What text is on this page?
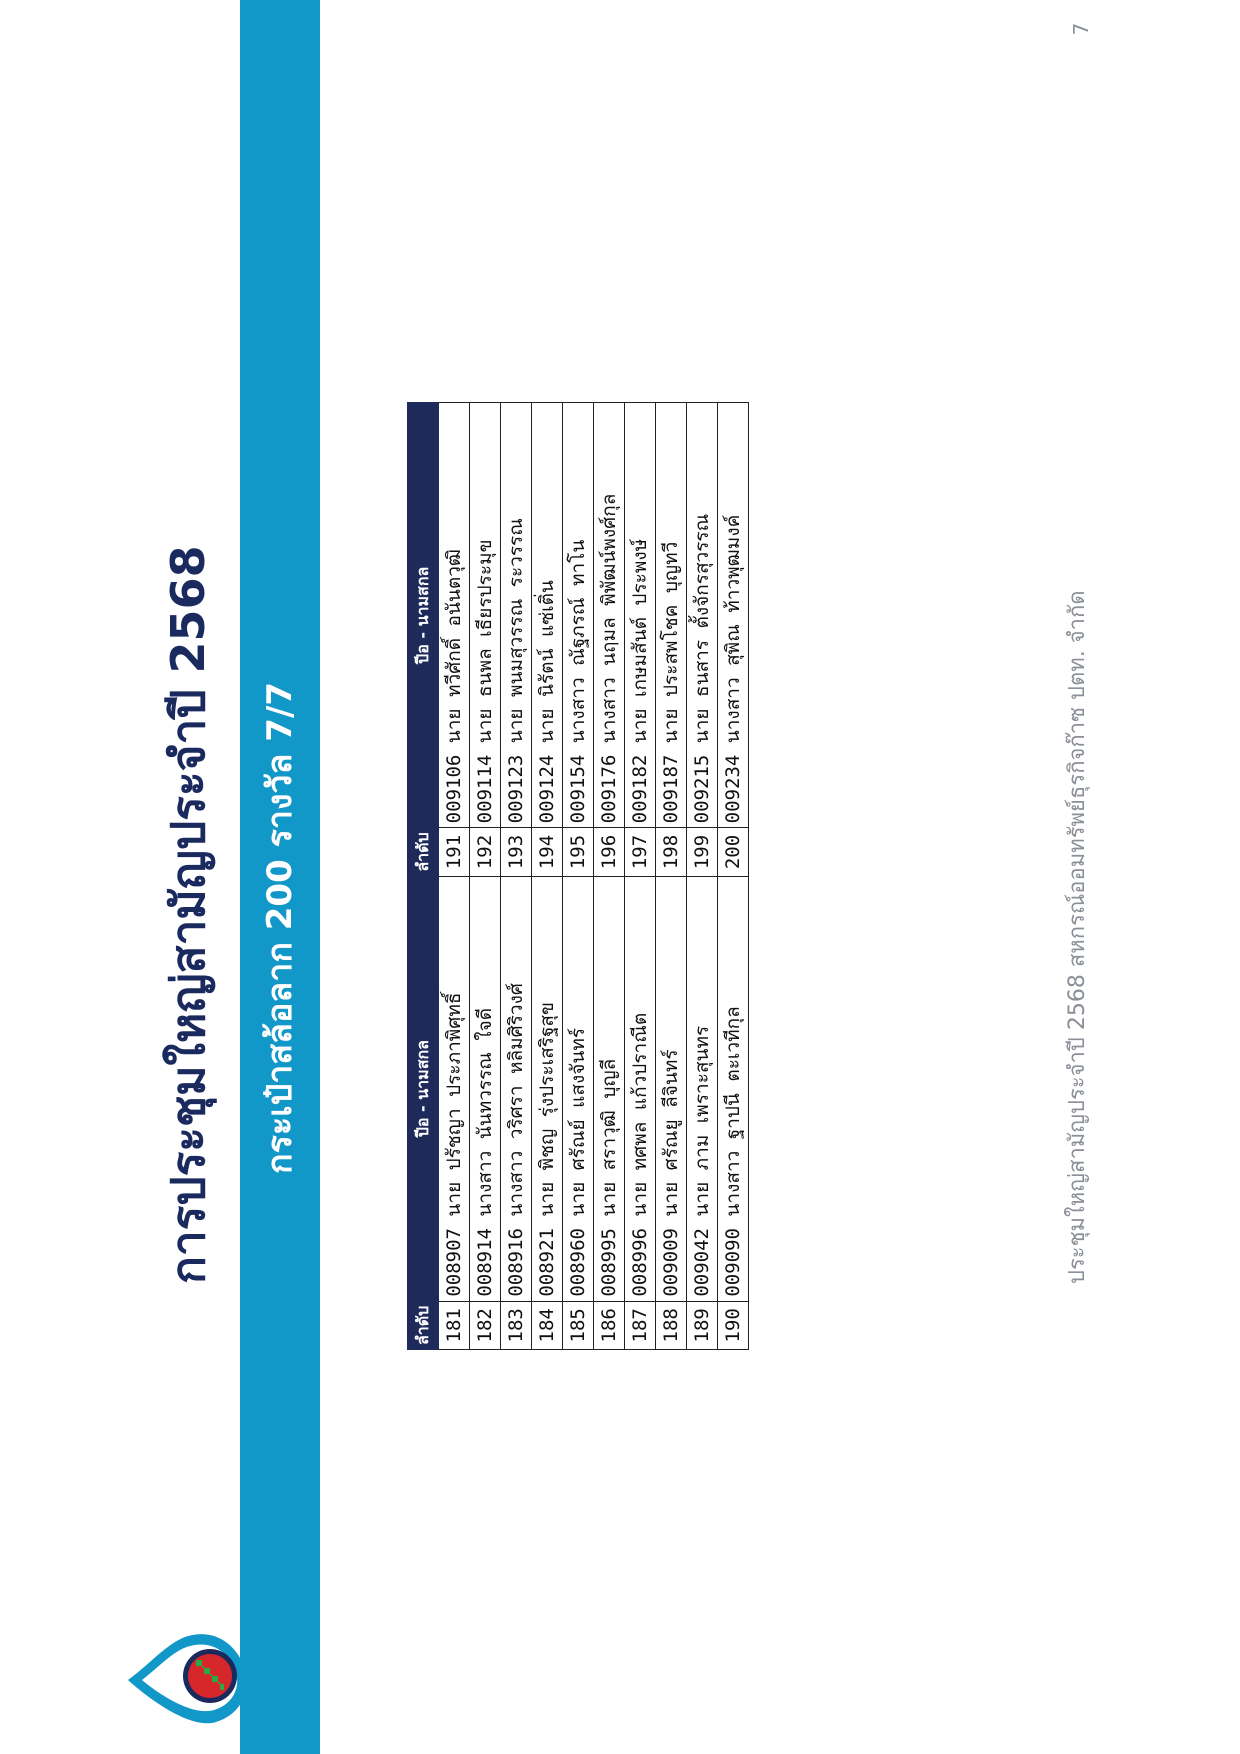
การประชุมใหญ่สามัญประจำปี 2568	กระเป๋าสล้อลาก 200 รางวัล 7/7
ลำดับ	ปีอ - นามสกล	ลำดับ	ปีอ - นามสกล
181	008907 นาย ปรัชญา ประภาพิศุทธิ์	191	009106 นาย ทวีศักดิ์ อนันตวุฒิ
182	008914 นางสาว นันทวรรณ ใจดี	192	009114 นาย ธนพล เธียรประมุข
183	008916 นางสาว วริศรา หลิมศิริวงศ์	193	009123 นาย พนมสุวรรณ ระวรรณ
184	008921 นาย พิชญ รุ่งประเสริฐสุข	194	009124 นาย นิรัตน์ แซ่เติ่น
185	008960 นาย ศรัณย์ แสงจันทร์	195	009154 นางสาว ณัฐภรณ์ ทาโน
186	008995 นาย สราวุฒิ บุญลี	196	009176 นางสาว นฤมล พิพัฒน์พงศ์กุล
187	008996 นาย ทศพล แก้วปราณีต	197	009182 นาย เกษมสันต์ ประพงษ์
188	009009 นาย ศรัณยู ลีจินทร์	198	009187 นาย ประสพโชค บุญทวี
189	009042 นาย ภาม เพราะสุนทร	199	009215 นาย ธนสาร ตั้งจักรสุวรรณ
190	009090 นางสาว ฐาปนี ตะเวทีกุล	200	009234 นางสาว สุพิณ ท้าวพุฒมงค์	ประชุมใหญ่สามัญประจำปี 2568 สหกรณ์ออมทรัพย์ธุรกิจก๊าซ ปตท. จำกัด
7
